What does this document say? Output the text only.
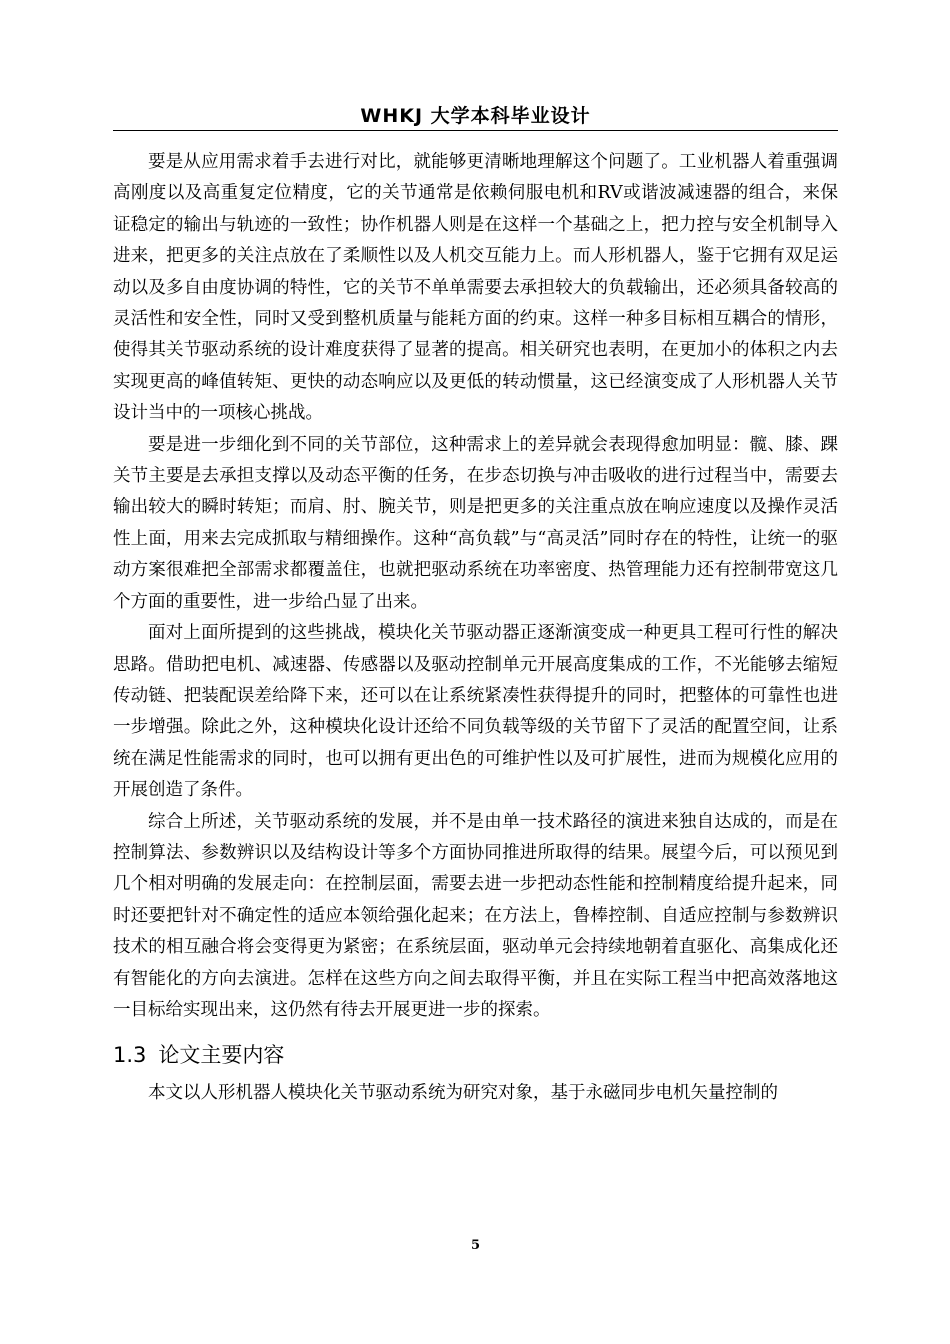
WHKJ 大学本科毕业设计

要是从应用需求着手去进行对比，就能够更清晰地理解这个问题了。工业机器人着重强调高刚度以及高重复定位精度，它的关节通常是依赖伺服电机和RV或谐波减速器的组合，来保证稳定的输出与轨迹的一致性；协作机器人则是在这样一个基础之上，把力控与安全机制导入进来，把更多的关注点放在了柔顺性以及人机交互能力上。而人形机器人，鉴于它拥有双足运动以及多自由度协调的特性，它的关节不单单需要去承担较大的负载输出，还必须具备较高的灵活性和安全性，同时又受到整机质量与能耗方面的约束。这样一种多目标相互耦合的情形，使得其关节驱动系统的设计难度获得了显著的提高。相关研究也表明，在更加小的体积之内去实现更高的峰值转矩、更快的动态响应以及更低的转动惯量，这已经演变成了人形机器人关节设计当中的一项核心挑战。

要是进一步细化到不同的关节部位，这种需求上的差异就会表现得愈加明显：髋、膝、踝关节主要是去承担支撑以及动态平衡的任务，在步态切换与冲击吸收的进行过程当中，需要去输出较大的瞬时转矩；而肩、肘、腕关节，则是把更多的关注重点放在响应速度以及操作灵活性上面，用来去完成抓取与精细操作。这种“高负载”与“高灵活”同时存在的特性，让统一的驱动方案很难把全部需求都覆盖住，也就把驱动系统在功率密度、热管理能力还有控制带宽这几个方面的重要性，进一步给凸显了出来。

面对上面所提到的这些挑战，模块化关节驱动器正逐渐演变成一种更具工程可行性的解决思路。借助把电机、减速器、传感器以及驱动控制单元开展高度集成的工作，不光能够去缩短传动链、把装配误差给降下来，还可以在让系统紧凑性获得提升的同时，把整体的可靠性也进一步增强。除此之外，这种模块化设计还给不同负载等级的关节留下了灵活的配置空间，让系统在满足性能需求的同时，也可以拥有更出色的可维护性以及可扩展性，进而为规模化应用的开展创造了条件。

综合上所述，关节驱动系统的发展，并不是由单一技术路径的演进来独自达成的，而是在控制算法、参数辨识以及结构设计等多个方面协同推进所取得的结果。展望今后，可以预见到几个相对明确的发展走向：在控制层面，需要去进一步把动态性能和控制精度给提升起来，同时还要把针对不确定性的适应本领给强化起来；在方法上，鲁棒控制、自适应控制与参数辨识技术的相互融合将会变得更为紧密；在系统层面，驱动单元会持续地朝着直驱化、高集成化还有智能化的方向去演进。怎样在这些方向之间去取得平衡，并且在实际工程当中把高效落地这一目标给实现出来，这仍然有待去开展更进一步的探索。

1.3 论文主要内容

本文以人形机器人模块化关节驱动系统为研究对象，基于永磁同步电机矢量控制的

5
